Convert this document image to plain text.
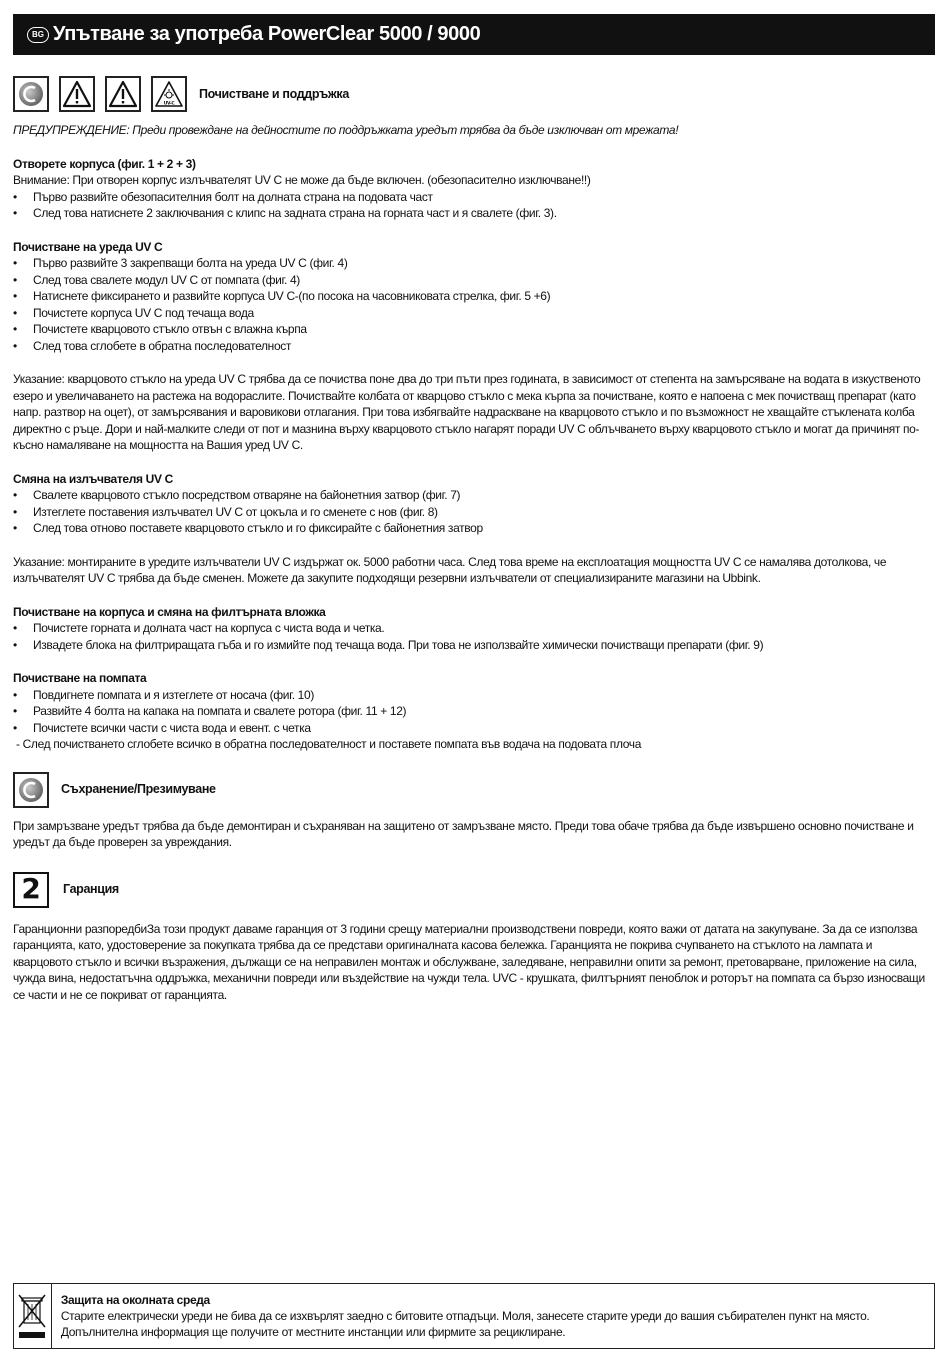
BG Упътване за употреба PowerClear 5000 / 9000
UV-C
Почистване и поддръжка

ПРЕДУПРЕЖДЕНИЕ: Преди провеждане на дейностите по поддръжката уредът трябва да бъде изключван от мрежата!

Отворете корпуса (фиг. 1 + 2 + 3)

Внимание: При отворен корпус излъчвателят UV C не може да бъде включен. (обезопасително изключване!!)

• Първо развийте обезопасителния болт на долната страна на подовата част
• След това натиснете 2 заключвания с клипс на задната страна на горната част и я свалете (фиг. 3).

Почистване на уреда UV C

• Първо развийте 3 закрепващи болта на уреда UV C (фиг. 4)
• След това свалете модул UV C от помпата (фиг. 4)
• Натиснете фиксирането и развийте корпуса UV C-(по посока на часовниковата стрелка, фиг. 5 +6)
• Почистете корпуса UV C под течаща вода
• Почистете кварцовото стъкло отвън с влажна кърпа
• След това сглобете в обратна последователност

Указание: кварцовото стъкло на уреда UV C трябва да се почиства поне два до три пъти през годината, в зависимост от степента на замърсяване на водата в изкуственото езеро и увеличаването на растежа на водораслите. Почиствайте колбата от кварцово стъкло с мека кърпа за почистване, която е напоена с мек почистващ препарат (като напр. разтвор на оцет), от замърсявания и варовикови отлагания. При това избягвайте надраскване на кварцовото стъкло и по възможност не хващайте стъклената колба директно с ръце. Дори и най-малките следи от пот и мазнина върху кварцовото стъкло нагарят поради UV C облъчването върху кварцовото стъкло и могат да причинят по-късно намаляване на мощността на Вашия уред UV C.

Смяна на излъчвателя UV C

• Свалете кварцовото стъкло посредством отваряне на байонетния затвор (фиг. 7)
• Изтеглете поставения излъчвател UV C от цокъла и го сменете с нов (фиг. 8)
• След това отново поставете кварцовото стъкло и го фиксирайте с байонетния затвор

Указание: монтираните в уредите излъчватели UV C издържат ок. 5000 работни часа. След това време на експлоатация мощността UV C се намалява дотолкова, че излъчвателят UV C трябва да бъде сменен. Можете да закупите подходящи резервни излъчватели от специализираните магазини на Ubbink.

Почистване на корпуса и смяна на филтърната вложка

• Почистете горната и долната част на корпуса с чиста вода и четка.
• Извадете блока на филтриращата гъба и го измийте под течаща вода. При това не използвайте химически почистващи препарати (фиг. 9)

Почистване на помпата

• Повдигнете помпата и я изтеглете от носача (фиг. 10)
• Развийте 4 болта на капака на помпата и свалете ротора (фиг. 11 + 12)
• Почистете всички части с чиста вода и евент. с четка

- След почистването сглобете всичко в обратна последователност и поставете помпата във водача на подовата плоча

Съхранение/Презимуване

При замръзване уредът трябва да бъде демонтиран и съхраняван на защитено от замръзване място. Преди това обаче трябва да бъде извършено основно почистване и уредът да бъде проверен за увреждания.

2	Гаранция

Гаранционни разпоредбиЗа този продукт даваме гаранция от 3 години срещу материални производствени повреди, която важи от датата на закупуване. За да се използва гаранцията, като, удостоверение за покупката трябва да се представи оригиналната касова бележка. Гаранцията не покрива счупването на стъклото на лампата и кварцовото стъкло и всички възражения, дължащи се на неправилен монтаж и обслужване, заледяване, неправилни опити за ремонт, претоварване, приложение на сила, чужда вина, недостатъчна оддръжка, механични повреди или въздействие на чужди тела. UVC - крушката, филтърният пеноблок и роторът на помпата са бързо износващи се части и не се покриват от гаранцията.

Защита на околната среда

Старите електрически уреди не бива да се изхвърлят заедно с битовите отпадъци. Моля, занесете старите уреди до вашия събирателен пункт на място. Допълнителна информация ще получите от местните инстанции или фирмите за рециклиране.
